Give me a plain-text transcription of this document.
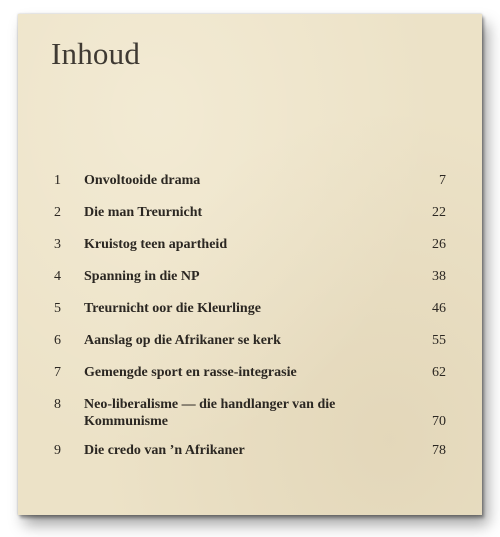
Inhoud
1	Onvoltooide drama	7
2	Die man Treurnicht	22
3	Kruistog teen apartheid	26
4	Spanning in die NP	38
5	Treurnicht oor die Kleurlinge	46
6	Aanslag op die Afrikaner se kerk	55
7	Gemengde sport en rasse-integrasie	62
8	Neo-liberalisme — die handlanger van die
Kommunisme	70
9	Die credo van ’n Afrikaner	78
